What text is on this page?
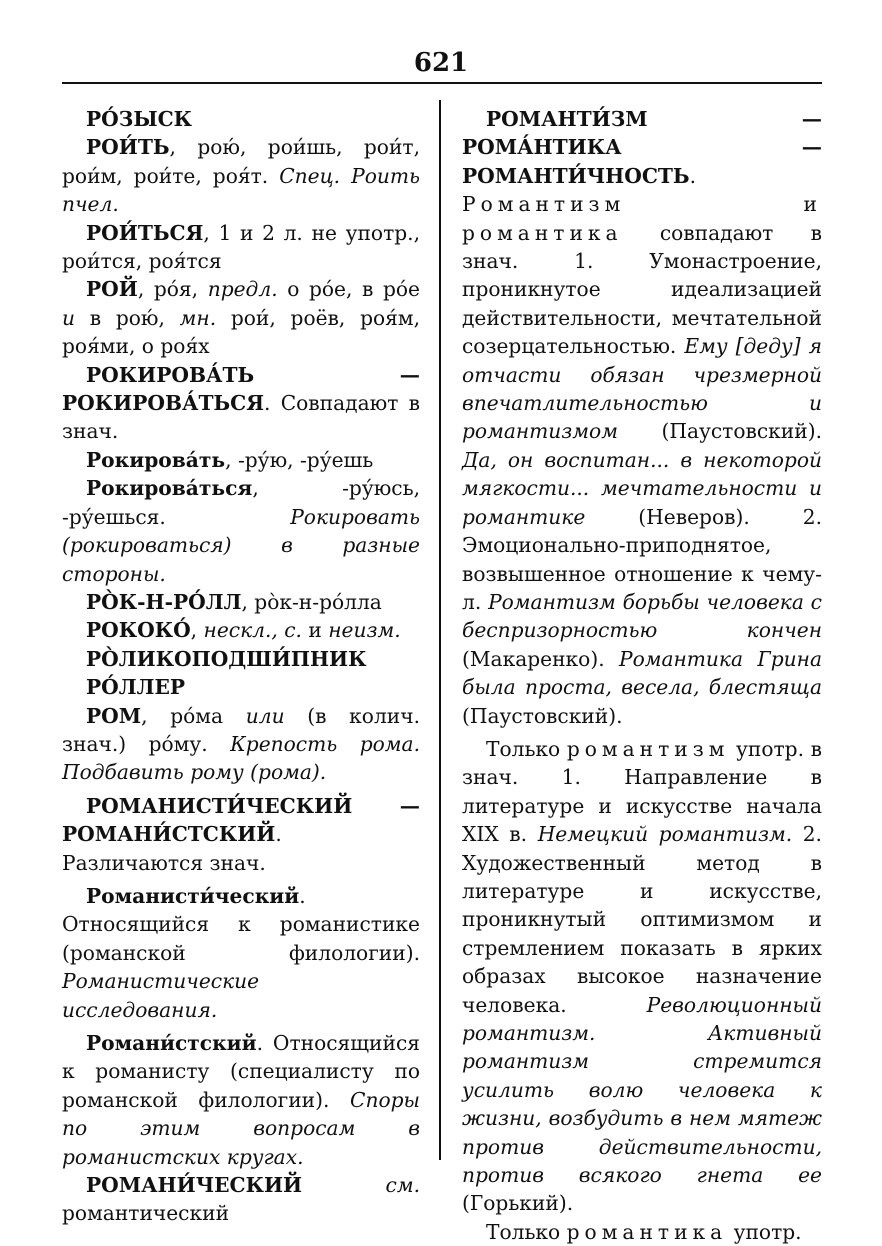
621

РО́ЗЫСК

РОИ́ТЬ, рою́, рои́шь, рои́т, рои́м, рои́те, роя́т. Спец. Роить пчел.

РОИ́ТЬСЯ, 1 и 2 л. не употр., рои́тся, роя́тся

РОЙ, ро́я, предл. о ро́е, в ро́е и в рою́, мн. рои́, роёв, роя́м, роя́ми, о роя́х

РОКИРОВА́ТЬ — РОКИРОВА́ТЬСЯ. Совпадают в знач.

Рокирова́ть, -ру́ю, -ру́ешь

Рокирова́ться, -ру́юсь, -ру́ешься. Рокировать (рокироваться) в разные стороны.

РО̀К-Н-РО́ЛЛ, ро̀к-н-ро́лла

РОКОКО́, нескл., с. и неизм.

РО̀ЛИКОПОДШИ́ПНИК

РО́ЛЛЕР

РОМ, ро́ма или (в колич. знач.) ро́му. Крепость рома. Подбавить рому (рома).

РОМАНИСТИ́ЧЕСКИЙ — РОМАНИ́СТСКИЙ. Различаются знач.

Романисти́ческий. Относящийся к романистике (романской филологии). Романистические исследования.

Романи́стский. Относящийся к романисту (специалисту по романской филологии). Споры по этим вопросам в романистских кругах.

РОМАНИ́ЧЕСКИЙ	см. романтический

РОМАНТИ́ЗМ — РОМА́НТИКА — РОМАНТИ́ЧНОСТЬ. Романтизм и романтика совпадают в знач. 1. Умонастроение, проникнутое идеализацией действительности, мечтательной созерцательностью. Ему [деду] я отчасти обязан чрезмерной впечатлительностью и романтизмом (Паустовский). Да, он воспитан... в некоторой мягкости... мечтательности и романтике (Неверов). 2. Эмоционально-приподнятое, возвышенное отношение к чему-л. Романтизм борьбы человека с беспризорностью кончен (Макаренко). Романтика Грина была проста, весела, блестяща (Паустовский).

Только романтизм употр. в знач. 1. Направление в литературе и искусстве начала XIX в. Немецкий романтизм. 2. Художественный метод в литературе и искусстве, проникнутый оптимизмом и стремлением показать в ярких образах высокое назначение человека. Революционный романтизм. Активный романтизм стремится усилить волю человека к жизни, возбудить в нем мятеж против действительности, против всякого гнета ее (Горький).

Только романтика употр.
